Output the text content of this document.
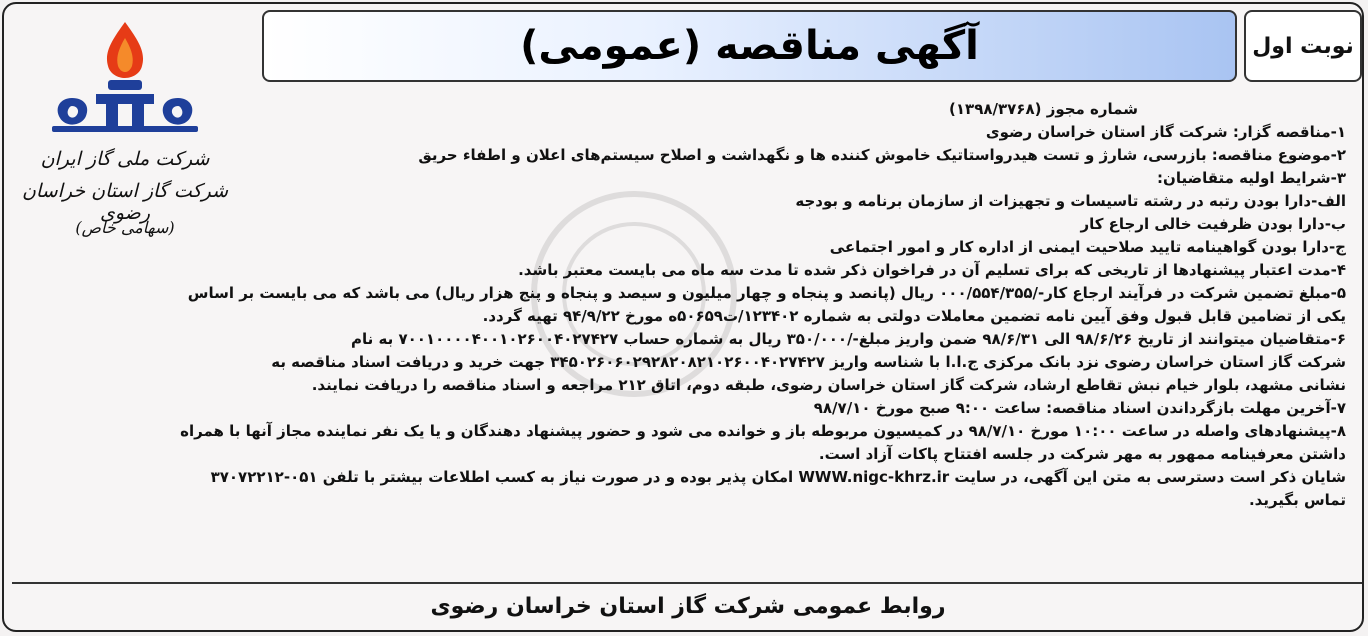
شرکت ملی گاز ایران
شرکت گاز استان خراسان رضوی
(سهامی خاص)
آگهی مناقصه (عمومی)	نوبت اول
شماره مجوز (۱۳۹۸/۳۷۶۸)
۱-مناقصه گزار: شرکت گاز استان خراسان رضوی
۲-موضوع مناقصه: بازرسی، شارژ و تست هیدرواستاتیک خاموش کننده ها و نگهداشت و اصلاح سیستم‌های اعلان و اطفاء حریق
۳-شرایط اولیه متقاضیان:
الف-دارا بودن رتبه در رشته تاسیسات و تجهیزات از سازمان برنامه و بودجه
ب-دارا بودن ظرفیت خالی ارجاع کار
ج-دارا بودن گواهینامه تایید صلاحیت ایمنی از اداره کار و امور اجتماعی
۴-مدت اعتبار پیشنهادها از تاریخی که برای تسلیم آن در فراخوان ذکر شده تا مدت سه ماه می بایست معتبر باشد.
۵-مبلغ تضمین شرکت در فرآیند ارجاع کار-/۰۰۰/۵۵۴/۳۵۵ ریال (پانصد و پنجاه و چهار میلیون و سیصد و پنجاه و پنج هزار ریال) می باشد که می بایست بر اساس
یکی از تضامین قابل قبول وفق آیین نامه تضمین معاملات دولتی به شماره ۱۲۳۴۰۲/ت۵۰۶۵۹ه مورخ ۹۴/۹/۲۲ تهیه گردد.
۶-متقاضیان میتوانند از تاریخ ۹۸/۶/۲۶ الی ۹۸/۶/۳۱ ضمن واریز مبلغ-/۳۵۰/۰۰۰ ریال به شماره حساب ۷۰۰۱۰۰۰۰۴۰۰۱۰۲۶۰۰۴۰۲۷۴۲۷ به نام
شرکت گاز استان خراسان رضوی نزد بانک مرکزی ج.ا.ا با شناسه واریز ۳۴۵۰۲۶۰۶۰۲۹۲۸۲۰۸۲۱۰۲۶۰۰۴۰۲۷۴۲۷ جهت خرید و دریافت اسناد مناقصه به
نشانی مشهد، بلوار خیام نبش تقاطع ارشاد، شرکت گاز استان خراسان رضوی، طبقه دوم، اتاق ۲۱۲ مراجعه و اسناد مناقصه را دریافت نمایند.
۷-آخرین مهلت بازگرداندن اسناد مناقصه: ساعت ۹:۰۰ صبح مورخ ۹۸/۷/۱۰
۸-پیشنهادهای واصله در ساعت ۱۰:۰۰ مورخ ۹۸/۷/۱۰ در کمیسیون مربوطه باز و خوانده می شود و حضور پیشنهاد دهندگان و یا یک نفر نماینده مجاز آنها با همراه
داشتن معرفینامه ممهور به مهر شرکت در جلسه افتتاح پاکات آزاد است.
شایان ذکر است دسترسی به متن این آگهی، در سایت WWW.nigc-khrz.ir امکان پذیر بوده و در صورت نیاز به کسب اطلاعات بیشتر با تلفن ۰۵۱-۳۷۰۷۲۲۱۲
تماس بگیرید.
روابط عمومی شرکت گاز استان خراسان رضوی
